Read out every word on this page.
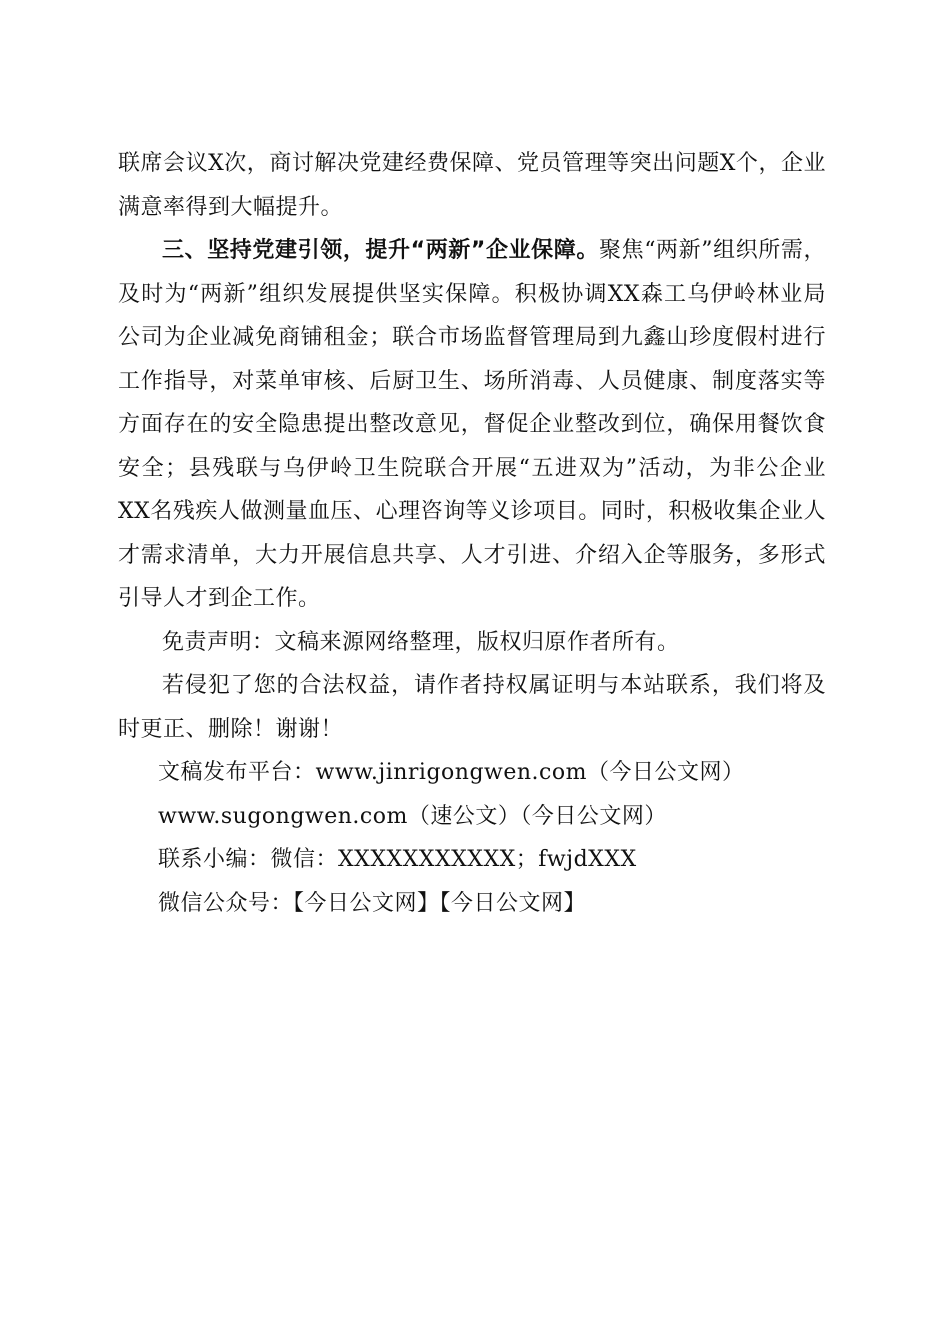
联席会议X次，商讨解决党建经费保障、党员管理等突出问题X个，企业满意率得到大幅提升。

三、坚持党建引领，提升“两新”企业保障。聚焦“两新”组织所需，及时为“两新”组织发展提供坚实保障。积极协调XX森工乌伊岭林业局公司为企业减免商铺租金；联合市场监督管理局到九鑫山珍度假村进行工作指导，对菜单审核、后厨卫生、场所消毒、人员健康、制度落实等方面存在的安全隐患提出整改意见，督促企业整改到位，确保用餐饮食安全；县残联与乌伊岭卫生院联合开展“五进双为”活动，为非公企业XX名残疾人做测量血压、心理咨询等义诊项目。同时，积极收集企业人才需求清单，大力开展信息共享、人才引进、介绍入企等服务，多形式引导人才到企工作。

免责声明：文稿来源网络整理，版权归原作者所有。

若侵犯了您的合法权益，请作者持权属证明与本站联系，我们将及时更正、删除！谢谢！

文稿发布平台：www.jinrigongwen.com（今日公文网）
www.sugongwen.com（速公文）（今日公文网）
联系小编：微信：XXXXXXXXXXX；fwjdXXX
微信公众号：【今日公文网】【今日公文网】
